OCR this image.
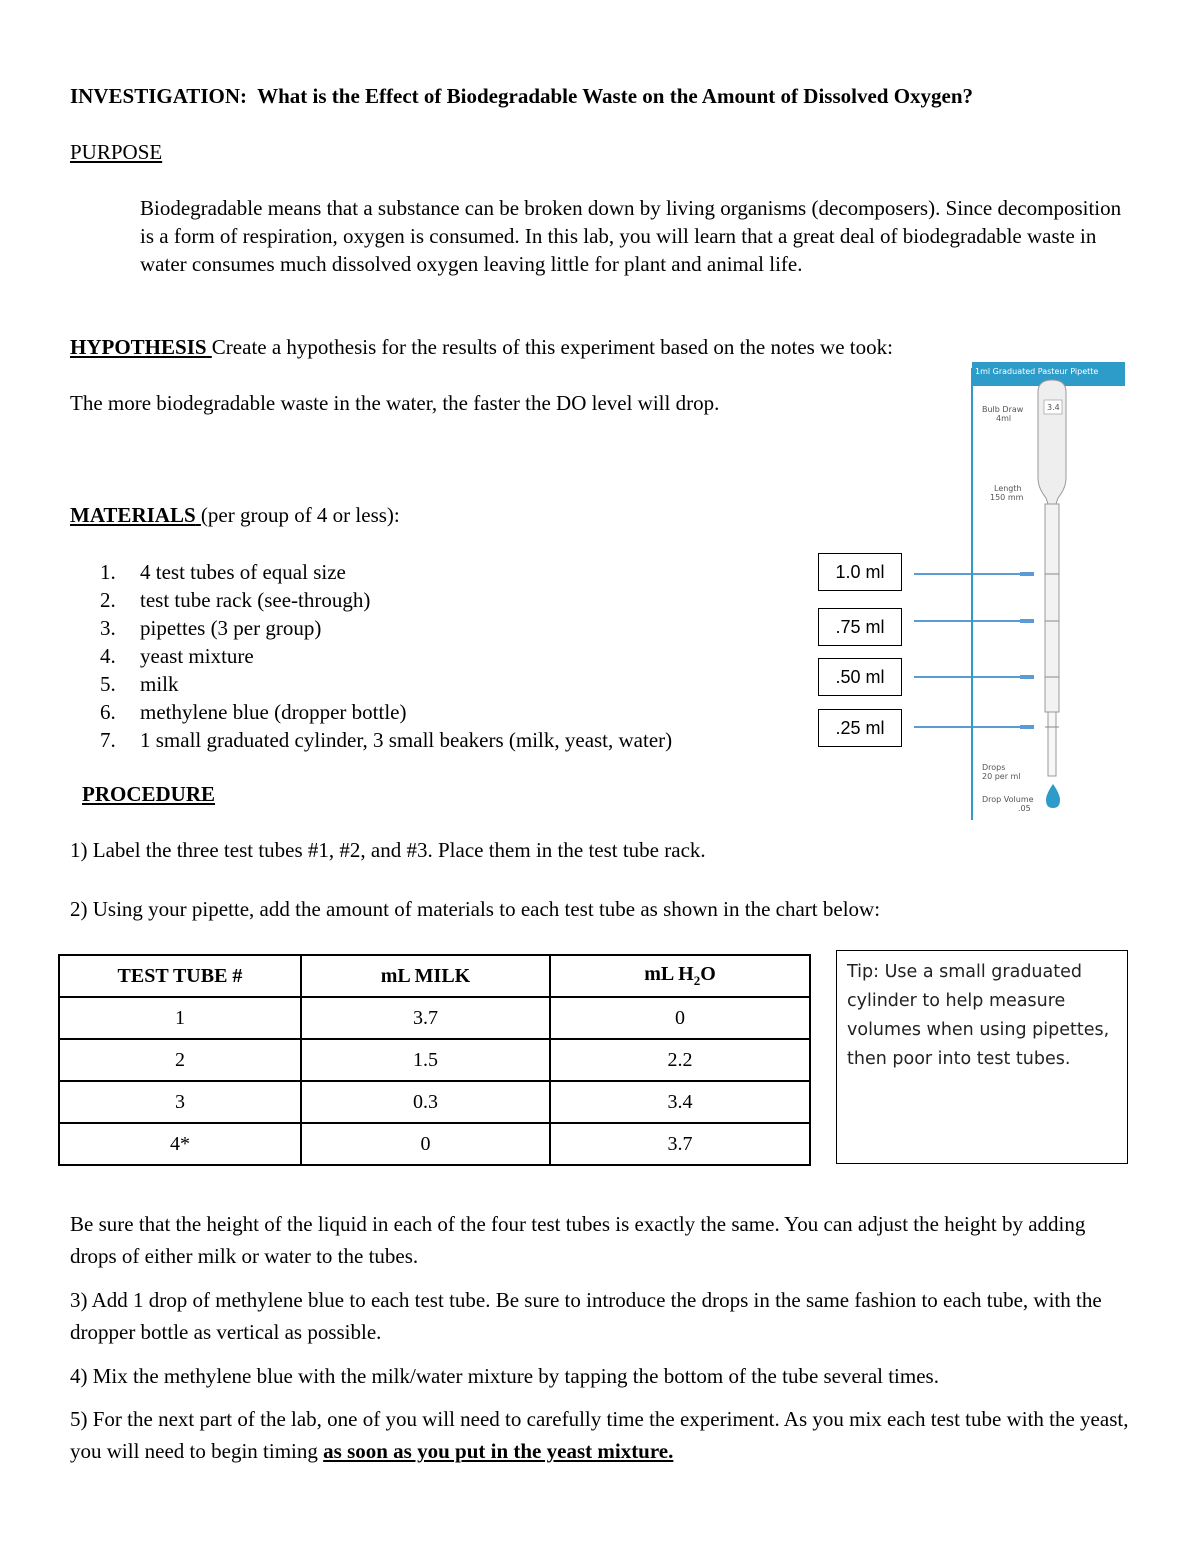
INVESTIGATION: What is the Effect of Biodegradable Waste on the Amount of Dissolved Oxygen?
PURPOSE
Biodegradable means that a substance can be broken down by living organisms (decomposers). Since decomposition is a form of respiration, oxygen is consumed. In this lab, you will learn that a great deal of biodegradable waste in water consumes much dissolved oxygen leaving little for plant and animal life.
HYPOTHESIS Create a hypothesis for the results of this experiment based on the notes we took:
The more biodegradable waste in the water, the faster the DO level will drop.
MATERIALS (per group of 4 or less):
1.	4 test tubes of equal size
2.	test tube rack (see-through)
3.	pipettes (3 per group)
4.	yeast mixture
5.	milk
6.	methylene blue (dropper bottle)
7.	1 small graduated cylinder, 3 small beakers (milk, yeast, water)
1.0 ml
.75 ml
.50 ml
.25 ml
1ml Graduated Pasteur Pipette
Bulb Draw
4ml
3.4
Length
150 mm
Drops
20 per ml
Drop Volume
.05
PROCEDURE
1) Label the three test tubes #1, #2, and #3. Place them in the test tube rack.
2) Using your pipette, add the amount of materials to each test tube as shown in the chart below:
TEST TUBE #	mL MILK	mL $H_2O$
1	3.7	0
2	1.5	2.2
3	0.3	3.4
4*	0	3.7
Tip: Use a small graduated cylinder to help measure volumes when using pipettes, then poor into test tubes.
Be sure that the height of the liquid in each of the four test tubes is exactly the same. You can adjust the height by adding drops of either milk or water to the tubes.
3) Add 1 drop of methylene blue to each test tube. Be sure to introduce the drops in the same fashion to each tube, with the dropper bottle as vertical as possible.
4) Mix the methylene blue with the milk/water mixture by tapping the bottom of the tube several times.
5) For the next part of the lab, one of you will need to carefully time the experiment. As you mix each test tube with the yeast, you will need to begin timing as soon as you put in the yeast mixture.
